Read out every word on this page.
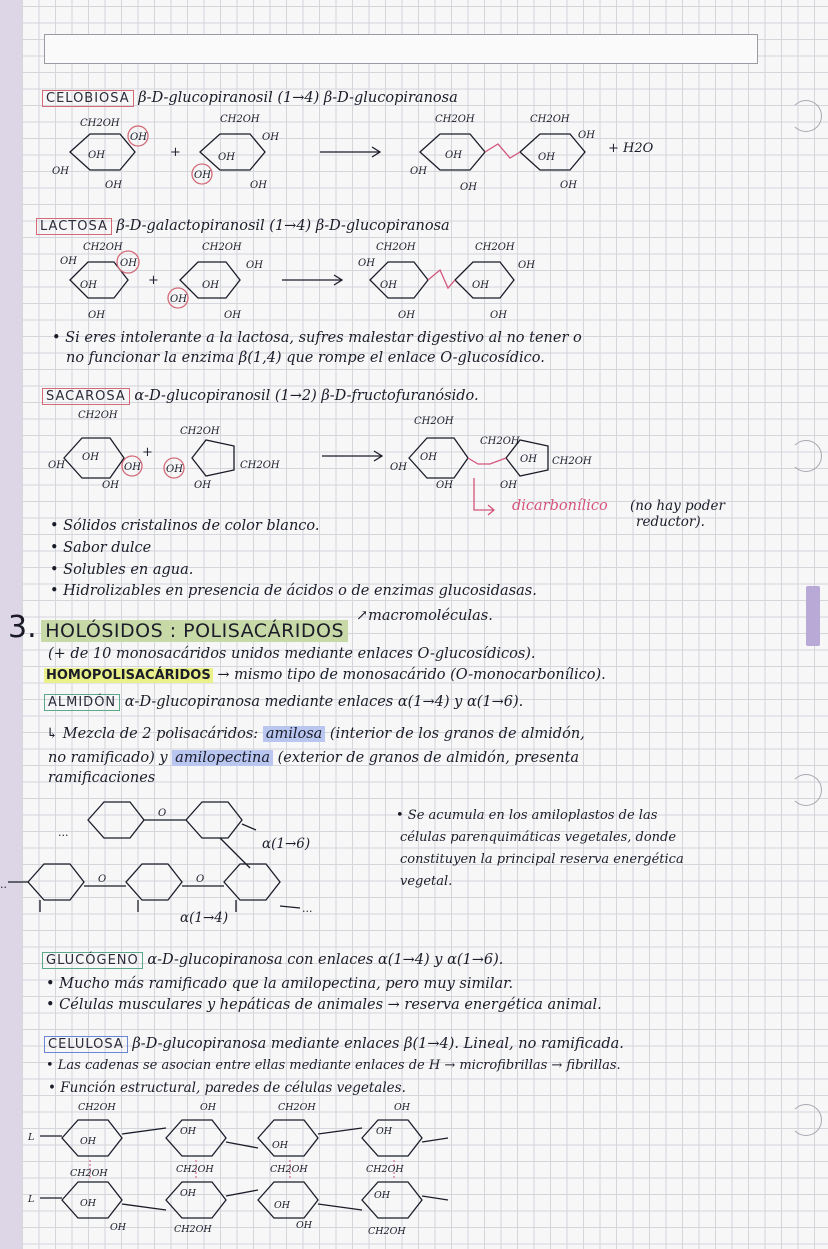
CELOBIOSA β-D-glucopiranosil (1→4) β-D-glucopiranosa
CH2OH
OH
OH
OH
OH
CH2OH
OH
OH
OH
OH
CH2OH
OH
OH
OH
CH2OH
OH
OH
OH
+	+ H2O
LACTOSA β-D-galactopiranosil (1→4) β-D-glucopiranosa
CH2OH
OH	OH
OH
OH
CH2OH
OH
OH
OH
OH
CH2OH
OH
OH
OH
CH2OH
OH
OH
OH
+
• Si eres intolerante a la lactosa, sufres malestar digestivo al no tener o
no funcionar la enzima β(1,4) que rompe el enlace O-glucosídico.
SACAROSA α-D-glucopiranosil (1→2) β-D-fructofuranósido.
CH2OH
OH
OH
OH
OH
CH2OH
OH	CH2OH
OH
CH2OH
OH
OH
OH
CH2OH
OH CH2OH
OH
+
dicarbonílico (no hay poder
reductor).
• Sólidos cristalinos de color blanco.
• Sabor dulce
• Solubles en agua.
• Hidrolizables en presencia de ácidos o de enzimas glucosidasas.
3. HOLÓSIDOS : POLISACÁRIDOS
↗macromoléculas.
(+ de 10 monosacáridos unidos mediante enlaces O-glucosídicos).
HOMOPOLISACÁRIDOS → mismo tipo de monosacárido (O-monocarbonílico).
ALMIDÓN α-D-glucopiranosa mediante enlaces α(1→4) y α(1→6).
↳ Mezcla de 2 polisacáridos: amilosa (interior de los granos de almidón,
no ramificado) y amilopectina (exterior de granos de almidón, presenta
ramificaciones
...
..
...
O
O	O
α(1→6)
α(1→4)
• Se acumula en los amiloplastos de las
células parenquimáticas vegetales, donde
constituyen la principal reserva energética
vegetal.
GLUCÓGENO α-D-glucopiranosa con enlaces α(1→4) y α(1→6).
• Mucho más ramificado que la amilopectina, pero muy similar.
• Células musculares y hepáticas de animales → reserva energética animal.
CELULOSA β-D-glucopiranosa mediante enlaces β(1→4). Lineal, no ramificada.
• Las cadenas se asocian entre ellas mediante enlaces de H → microfibrillas → fibrillas.
• Función estructural, paredes de células vegetales.
L
L
CH2OH
OH
CH2OH
OH
OH
OH
OH
CH2OH
OH
CH2OH
CH2OH
OH
CH2OH
OH
OH
OH
OH
CH2OH
OH
CH2OH
